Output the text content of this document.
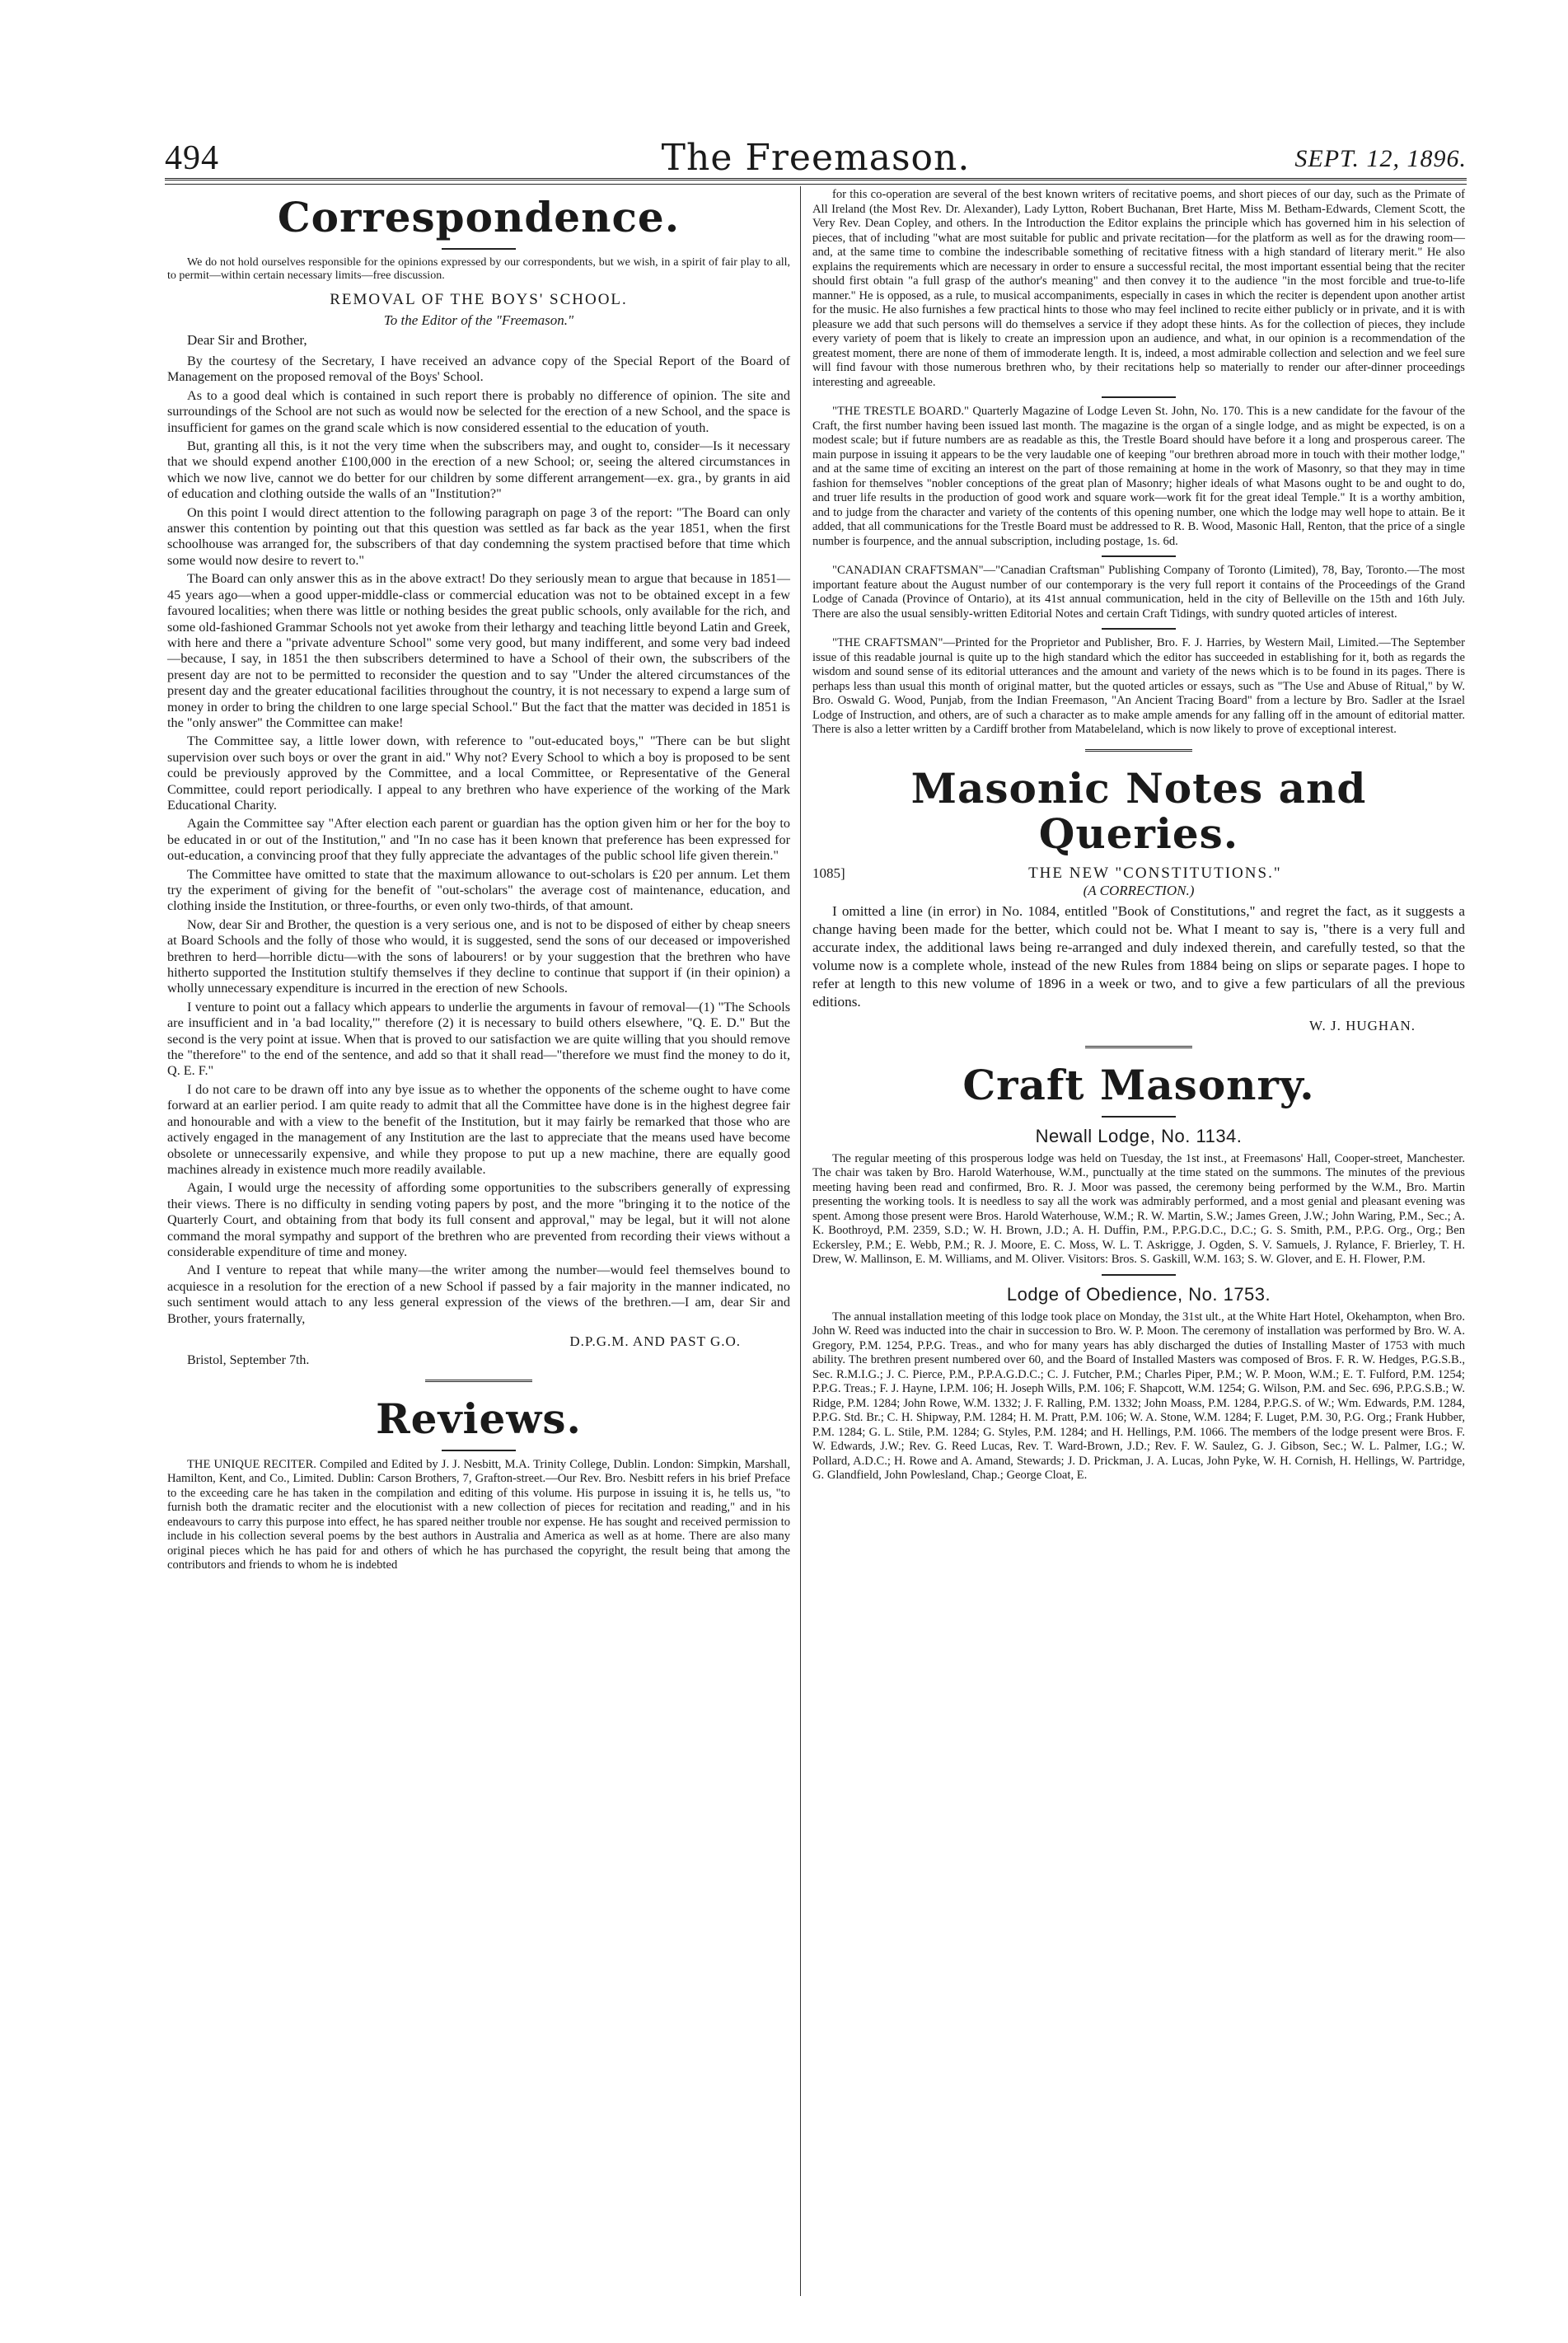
494	The Freemason.	SEPT. 12, 1896.
Correspondence.

We do not hold ourselves responsible for the opinions expressed by our correspondents, but we wish, in a spirit of fair play to all, to permit—within certain necessary limits—free discussion.

REMOVAL OF THE BOYS' SCHOOL.
To the Editor of the "Freemason."
Dear Sir and Brother,

By the courtesy of the Secretary, I have received an advance copy of the Special Report of the Board of Management on the proposed removal of the Boys' School.

As to a good deal which is contained in such report there is probably no difference of opinion. The site and surroundings of the School are not such as would now be selected for the erection of a new School, and the space is insufficient for games on the grand scale which is now considered essential to the education of youth.

But, granting all this, is it not the very time when the subscribers may, and ought to, consider—Is it necessary that we should expend another £100,000 in the erection of a new School; or, seeing the altered circumstances in which we now live, cannot we do better for our children by some different arrangement—ex. gra., by grants in aid of education and clothing outside the walls of an "Institution?"

On this point I would direct attention to the following paragraph on page 3 of the report: "The Board can only answer this contention by pointing out that this question was settled as far back as the year 1851, when the first schoolhouse was arranged for, the subscribers of that day condemning the system practised before that time which some would now desire to revert to."

The Board can only answer this as in the above extract! Do they seriously mean to argue that because in 1851—45 years ago—when a good upper-middle-class or commercial education was not to be obtained except in a few favoured localities; when there was little or nothing besides the great public schools, only available for the rich, and some old-fashioned Grammar Schools not yet awoke from their lethargy and teaching little beyond Latin and Greek, with here and there a "private adventure School" some very good, but many indifferent, and some very bad indeed—because, I say, in 1851 the then subscribers determined to have a School of their own, the subscribers of the present day are not to be permitted to reconsider the question and to say "Under the altered circumstances of the present day and the greater educational facilities throughout the country, it is not necessary to expend a large sum of money in order to bring the children to one large special School." But the fact that the matter was decided in 1851 is the "only answer" the Committee can make!

The Committee say, a little lower down, with reference to "out-educated boys," "There can be but slight supervision over such boys or over the grant in aid." Why not? Every School to which a boy is proposed to be sent could be previously approved by the Committee, and a local Committee, or Representative of the General Committee, could report periodically. I appeal to any brethren who have experience of the working of the Mark Educational Charity.

Again the Committee say "After election each parent or guardian has the option given him or her for the boy to be educated in or out of the Institution," and "In no case has it been known that preference has been expressed for out-education, a convincing proof that they fully appreciate the advantages of the public school life given therein."

The Committee have omitted to state that the maximum allowance to out-scholars is £20 per annum. Let them try the experiment of giving for the benefit of "out-scholars" the average cost of maintenance, education, and clothing inside the Institution, or three-fourths, or even only two-thirds, of that amount.

Now, dear Sir and Brother, the question is a very serious one, and is not to be disposed of either by cheap sneers at Board Schools and the folly of those who would, it is suggested, send the sons of our deceased or impoverished brethren to herd—horrible dictu—with the sons of labourers! or by your suggestion that the brethren who have hitherto supported the Institution stultify themselves if they decline to continue that support if (in their opinion) a wholly unnecessary expenditure is incurred in the erection of new Schools.

I venture to point out a fallacy which appears to underlie the arguments in favour of removal—(1) "The Schools are insufficient and in 'a bad locality,'" therefore (2) it is necessary to build others elsewhere, "Q. E. D." But the second is the very point at issue. When that is proved to our satisfaction we are quite willing that you should remove the "therefore" to the end of the sentence, and add so that it shall read—"therefore we must find the money to do it, Q. E. F."

I do not care to be drawn off into any bye issue as to whether the opponents of the scheme ought to have come forward at an earlier period. I am quite ready to admit that all the Committee have done is in the highest degree fair and honourable and with a view to the benefit of the Institution, but it may fairly be remarked that those who are actively engaged in the management of any Institution are the last to appreciate that the means used have become obsolete or unnecessarily expensive, and while they propose to put up a new machine, there are equally good machines already in existence much more readily available.

Again, I would urge the necessity of affording some opportunities to the subscribers generally of expressing their views. There is no difficulty in sending voting papers by post, and the more "bringing it to the notice of the Quarterly Court, and obtaining from that body its full consent and approval," may be legal, but it will not alone command the moral sympathy and support of the brethren who are prevented from recording their views without a considerable expenditure of time and money.

And I venture to repeat that while many—the writer among the number—would feel themselves bound to acquiesce in a resolution for the erection of a new School if passed by a fair majority in the manner indicated, no such sentiment would attach to any less general expression of the views of the brethren.—I am, dear Sir and Brother, yours fraternally,

D.P.G.M. AND PAST G.O.
Bristol, September 7th.
Reviews.

THE UNIQUE RECITER. Compiled and Edited by J. J. Nesbitt, M.A. Trinity College, Dublin. London: Simpkin, Marshall, Hamilton, Kent, and Co., Limited. Dublin: Carson Brothers, 7, Grafton-street.—Our Rev. Bro. Nesbitt refers in his brief Preface to the exceeding care he has taken in the compilation and editing of this volume. His purpose in issuing it is, he tells us, "to furnish both the dramatic reciter and the elocutionist with a new collection of pieces for recitation and reading," and in his endeavours to carry this purpose into effect, he has spared neither trouble nor expense. He has sought and received permission to include in his collection several poems by the best authors in Australia and America as well as at home. There are also many original pieces which he has paid for and others of which he has purchased the copyright, the result being that among the contributors and friends to whom he is indebted

for this co-operation are several of the best known writers of recitative poems, and short pieces of our day, such as the Primate of All Ireland (the Most Rev. Dr. Alexander), Lady Lytton, Robert Buchanan, Bret Harte, Miss M. Betham-Edwards, Clement Scott, the Very Rev. Dean Copley, and others. In the Introduction the Editor explains the principle which has governed him in his selection of pieces, that of including "what are most suitable for public and private recitation—for the platform as well as for the drawing room—and, at the same time to combine the indescribable something of recitative fitness with a high standard of literary merit." He also explains the requirements which are necessary in order to ensure a successful recital, the most important essential being that the reciter should first obtain "a full grasp of the author's meaning" and then convey it to the audience "in the most forcible and true-to-life manner." He is opposed, as a rule, to musical accompaniments, especially in cases in which the reciter is dependent upon another artist for the music. He also furnishes a few practical hints to those who may feel inclined to recite either publicly or in private, and it is with pleasure we add that such persons will do themselves a service if they adopt these hints. As for the collection of pieces, they include every variety of poem that is likely to create an impression upon an audience, and what, in our opinion is a recommendation of the greatest moment, there are none of them of immoderate length. It is, indeed, a most admirable collection and selection and we feel sure will find favour with those numerous brethren who, by their recitations help so materially to render our after-dinner proceedings interesting and agreeable.

"THE TRESTLE BOARD." Quarterly Magazine of Lodge Leven St. John, No. 170. This is a new candidate for the favour of the Craft, the first number having been issued last month. The magazine is the organ of a single lodge, and as might be expected, is on a modest scale; but if future numbers are as readable as this, the Trestle Board should have before it a long and prosperous career. The main purpose in issuing it appears to be the very laudable one of keeping "our brethren abroad more in touch with their mother lodge," and at the same time of exciting an interest on the part of those remaining at home in the work of Masonry, so that they may in time fashion for themselves "nobler conceptions of the great plan of Masonry; higher ideals of what Masons ought to be and ought to do, and truer life results in the production of good work and square work—work fit for the great ideal Temple." It is a worthy ambition, and to judge from the character and variety of the contents of this opening number, one which the lodge may well hope to attain. Be it added, that all communications for the Trestle Board must be addressed to R. B. Wood, Masonic Hall, Renton, that the price of a single number is fourpence, and the annual subscription, including postage, 1s. 6d.

"CANADIAN CRAFTSMAN"—"Canadian Craftsman" Publishing Company of Toronto (Limited), 78, Bay, Toronto.—The most important feature about the August number of our contemporary is the very full report it contains of the Proceedings of the Grand Lodge of Canada (Province of Ontario), at its 41st annual communication, held in the city of Belleville on the 15th and 16th July. There are also the usual sensibly-written Editorial Notes and certain Craft Tidings, with sundry quoted articles of interest.

"THE CRAFTSMAN"—Printed for the Proprietor and Publisher, Bro. F. J. Harries, by Western Mail, Limited.—The September issue of this readable journal is quite up to the high standard which the editor has succeeded in establishing for it, both as regards the wisdom and sound sense of its editorial utterances and the amount and variety of the news which is to be found in its pages. There is perhaps less than usual this month of original matter, but the quoted articles or essays, such as "The Use and Abuse of Ritual," by W. Bro. Oswald G. Wood, Punjab, from the Indian Freemason, "An Ancient Tracing Board" from a lecture by Bro. Sadler at the Israel Lodge of Instruction, and others, are of such a character as to make ample amends for any falling off in the amount of editorial matter. There is also a letter written by a Cardiff brother from Matabeleland, which is now likely to prove of exceptional interest.

Masonic Notes and Queries.
1085]	THE NEW "CONSTITUTIONS."
(A CORRECTION.)

I omitted a line (in error) in No. 1084, entitled "Book of Constitutions," and regret the fact, as it suggests a change having been made for the better, which could not be. What I meant to say is, "there is a very full and accurate index, the additional laws being re-arranged and duly indexed therein, and carefully tested, so that the volume now is a complete whole, instead of the new Rules from 1884 being on slips or separate pages. I hope to refer at length to this new volume of 1896 in a week or two, and to give a few particulars of all the previous editions.

W. J. HUGHAN.
Craft Masonry.
Newall Lodge, No. 1134.

The regular meeting of this prosperous lodge was held on Tuesday, the 1st inst., at Freemasons' Hall, Cooper-street, Manchester. The chair was taken by Bro. Harold Waterhouse, W.M., punctually at the time stated on the summons. The minutes of the previous meeting having been read and confirmed, Bro. R. J. Moor was passed, the ceremony being performed by the W.M., Bro. Martin presenting the working tools. It is needless to say all the work was admirably performed, and a most genial and pleasant evening was spent. Among those present were Bros. Harold Waterhouse, W.M.; R. W. Martin, S.W.; James Green, J.W.; John Waring, P.M., Sec.; A. K. Boothroyd, P.M. 2359, S.D.; W. H. Brown, J.D.; A. H. Duffin, P.M., P.P.G.D.C., D.C.; G. S. Smith, P.M., P.P.G. Org., Org.; Ben Eckersley, P.M.; E. Webb, P.M.; R. J. Moore, E. C. Moss, W. L. T. Askrigge, J. Ogden, S. V. Samuels, J. Rylance, F. Brierley, T. H. Drew, W. Mallinson, E. M. Williams, and M. Oliver. Visitors: Bros. S. Gaskill, W.M. 163; S. W. Glover, and E. H. Flower, P.M.

Lodge of Obedience, No. 1753.

The annual installation meeting of this lodge took place on Monday, the 31st ult., at the White Hart Hotel, Okehampton, when Bro. John W. Reed was inducted into the chair in succession to Bro. W. P. Moon. The ceremony of installation was performed by Bro. W. A. Gregory, P.M. 1254, P.P.G. Treas., and who for many years has ably discharged the duties of Installing Master of 1753 with much ability. The brethren present numbered over 60, and the Board of Installed Masters was composed of Bros. F. R. W. Hedges, P.G.S.B., Sec. R.M.I.G.; J. C. Pierce, P.M., P.P.A.G.D.C.; C. J. Futcher, P.M.; Charles Piper, P.M.; W. P. Moon, W.M.; E. T. Fulford, P.M. 1254; P.P.G. Treas.; F. J. Hayne, I.P.M. 106; H. Joseph Wills, P.M. 106; F. Shapcott, W.M. 1254; G. Wilson, P.M. and Sec. 696, P.P.G.S.B.; W. Ridge, P.M. 1284; John Rowe, W.M. 1332; J. F. Ralling, P.M. 1332; John Moass, P.M. 1284, P.P.G.S. of W.; Wm. Edwards, P.M. 1284, P.P.G. Std. Br.; C. H. Shipway, P.M. 1284; H. M. Pratt, P.M. 106; W. A. Stone, W.M. 1284; F. Luget, P.M. 30, P.G. Org.; Frank Hubber, P.M. 1284; G. L. Stile, P.M. 1284; G. Styles, P.M. 1284; and H. Hellings, P.M. 1066. The members of the lodge present were Bros. F. W. Edwards, J.W.; Rev. G. Reed Lucas, Rev. T. Ward-Brown, J.D.; Rev. F. W. Saulez, G. J. Gibson, Sec.; W. L. Palmer, I.G.; W. Pollard, A.D.C.; H. Rowe and A. Amand, Stewards; J. D. Prickman, J. A. Lucas, John Pyke, W. H. Cornish, H. Hellings, W. Partridge, G. Glandfield, John Powlesland, Chap.; George Cloat, E.
